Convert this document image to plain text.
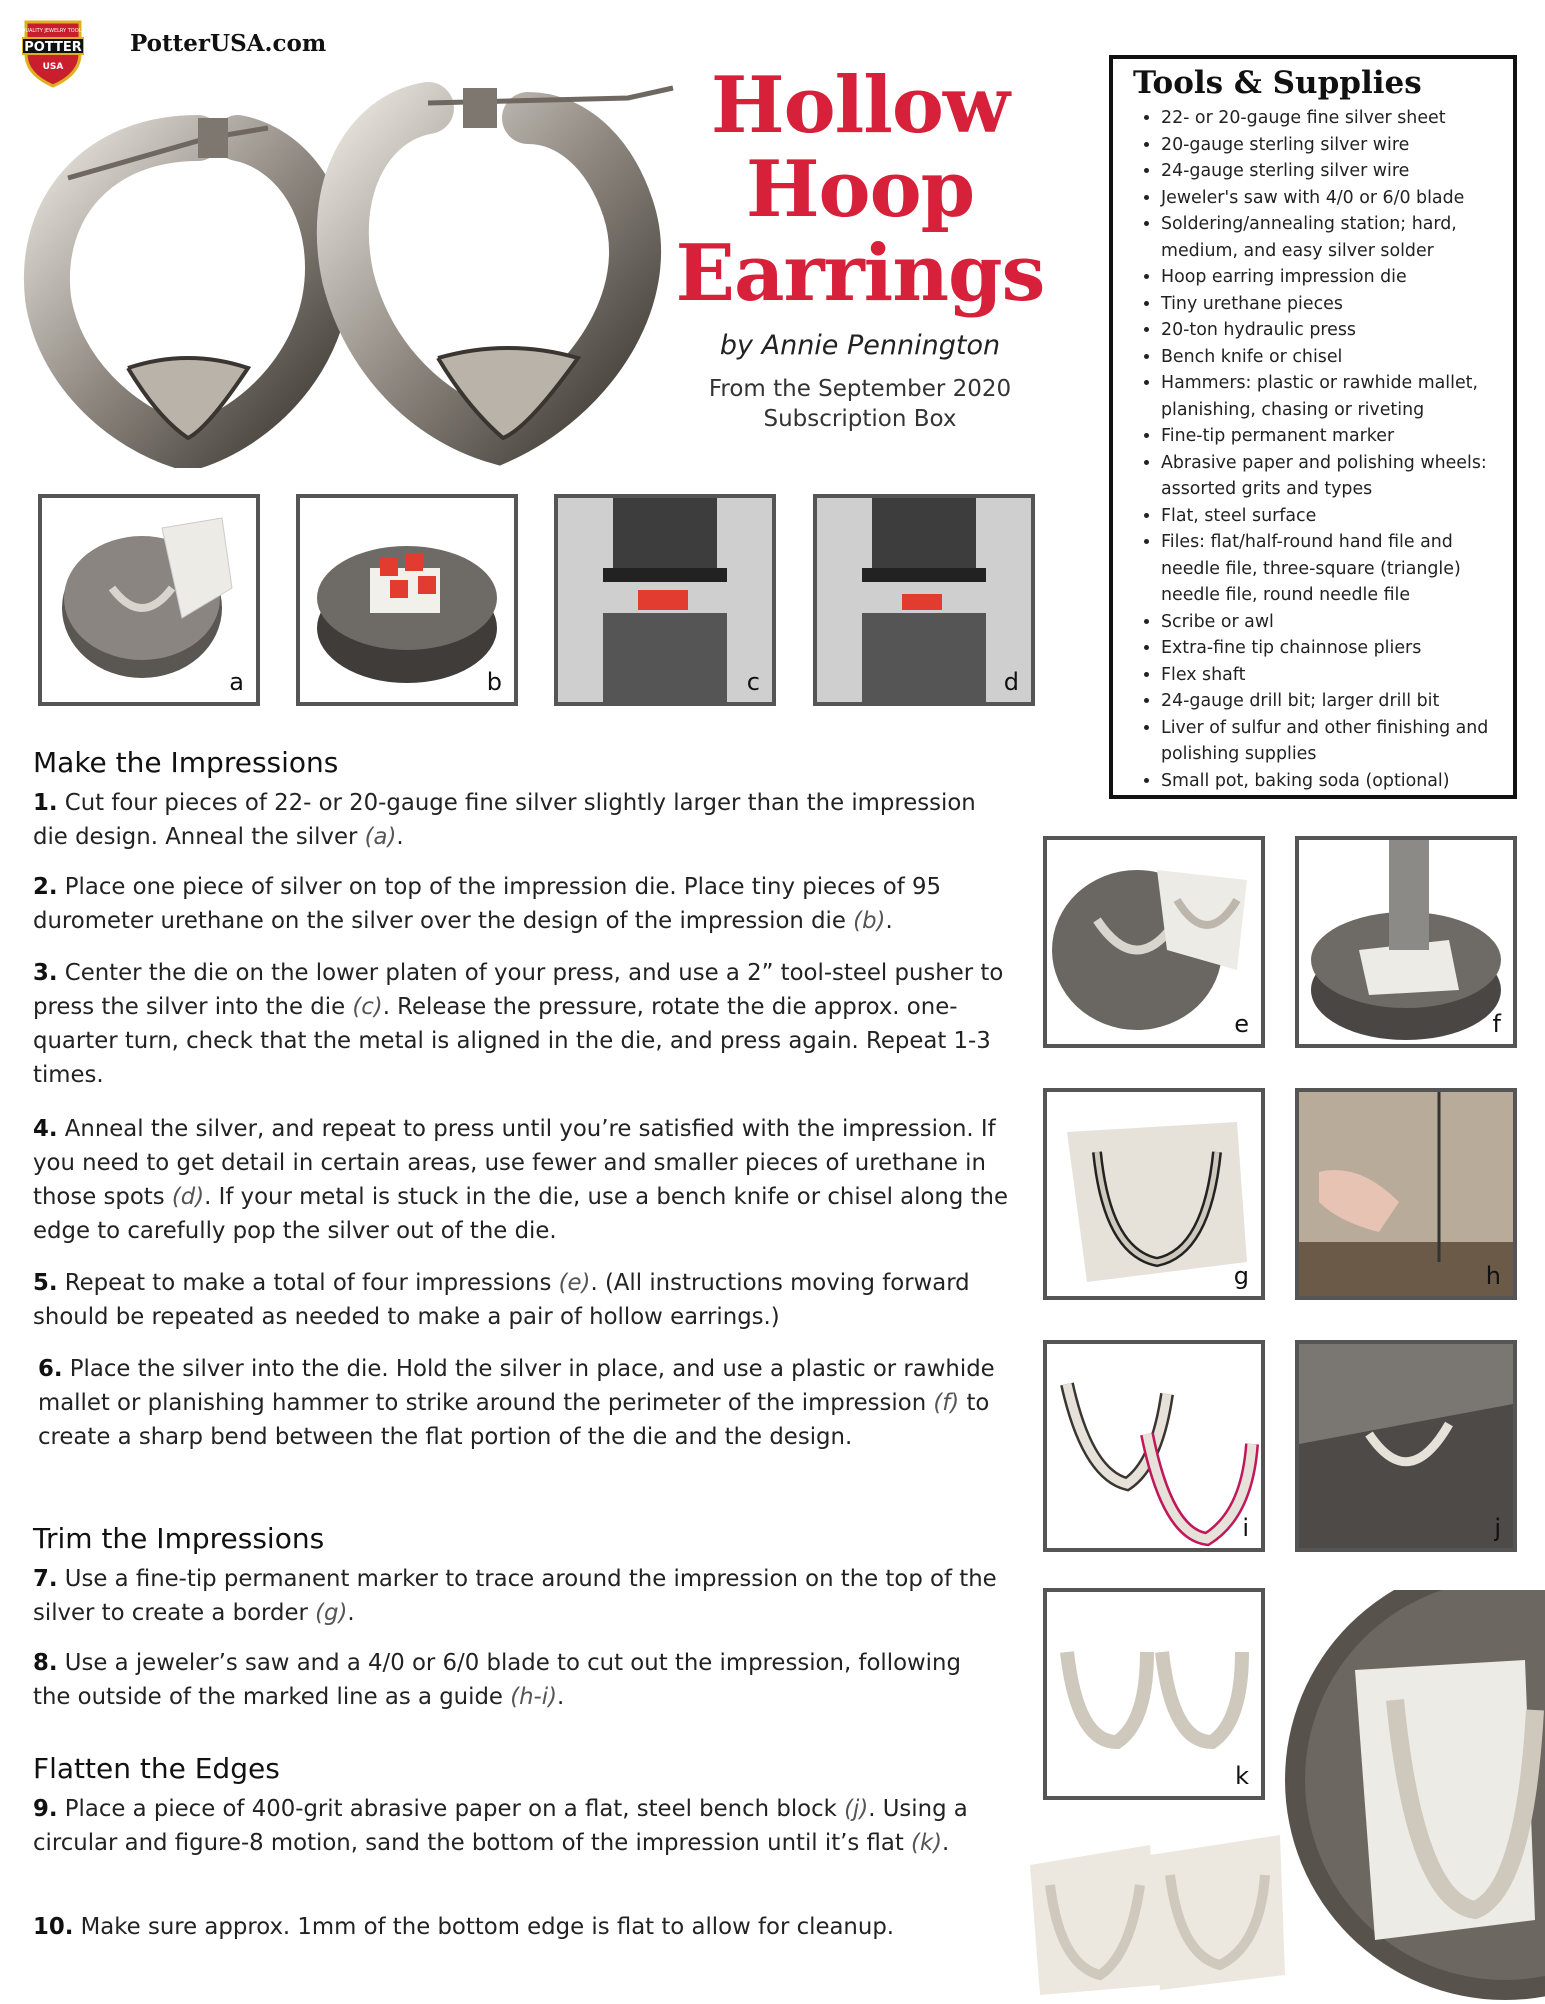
QUALITY JEWELRY TOOLS
POTTER
USA
PotterUSA.com
Hollow
Hoop
Earrings
by Annie Pennington
From the September 2020
Subscription Box
Tools & Supplies
• 22- or 20-gauge fine silver sheet
• 20-gauge sterling silver wire
• 24-gauge sterling silver wire
• Jeweler's saw with 4/0 or 6/0 blade
• Soldering/annealing station; hard, medium, and easy silver solder
• Hoop earring impression die
• Tiny urethane pieces
• 20-ton hydraulic press
• Bench knife or chisel
• Hammers: plastic or rawhide mallet, planishing, chasing or riveting
• Fine-tip permanent marker
• Abrasive paper and polishing wheels: assorted grits and types
• Flat, steel surface
• Files: flat/half-round hand file and needle file, three-square (triangle) needle file, round needle file
• Scribe or awl
• Extra-fine tip chainnose pliers
• Flex shaft
• 24-gauge drill bit; larger drill bit
• Liver of sulfur and other finishing and polishing supplies
• Small pot, baking soda (optional)
a	b	c	d
e	f
g	h
i	j
k
Make the Impressions
1. Cut four pieces of 22- or 20-gauge fine silver slightly larger than the impression die design. Anneal the silver (a).
2. Place one piece of silver on top of the impression die. Place tiny pieces of 95 durometer urethane on the silver over the design of the impression die (b).
3. Center the die on the lower platen of your press, and use a 2” tool-steel pusher to press the silver into the die (c). Release the pressure, rotate the die approx. one-quarter turn, check that the metal is aligned in the die, and press again. Repeat 1-3 times.
4. Anneal the silver, and repeat to press until you’re satisfied with the impression. If you need to get detail in certain areas, use fewer and smaller pieces of urethane in those spots (d). If your metal is stuck in the die, use a bench knife or chisel along the edge to carefully pop the silver out of the die.
5. Repeat to make a total of four impressions (e). (All instructions moving forward should be repeated as needed to make a pair of hollow earrings.)
6. Place the silver into the die. Hold the silver in place, and use a plastic or rawhide mallet or planishing hammer to strike around the perimeter of the impression (f) to create a sharp bend between the flat portion of the die and the design.
Trim the Impressions
7. Use a fine-tip permanent marker to trace around the impression on the top of the silver to create a border (g).
8. Use a jeweler’s saw and a 4/0 or 6/0 blade to cut out the impression, following the outside of the marked line as a guide (h-i).
Flatten the Edges
9. Place a piece of 400-grit abrasive paper on a flat, steel bench block (j). Using a circular and figure-8 motion, sand the bottom of the impression until it’s flat (k).
10. Make sure approx. 1mm of the bottom edge is flat to allow for cleanup.
